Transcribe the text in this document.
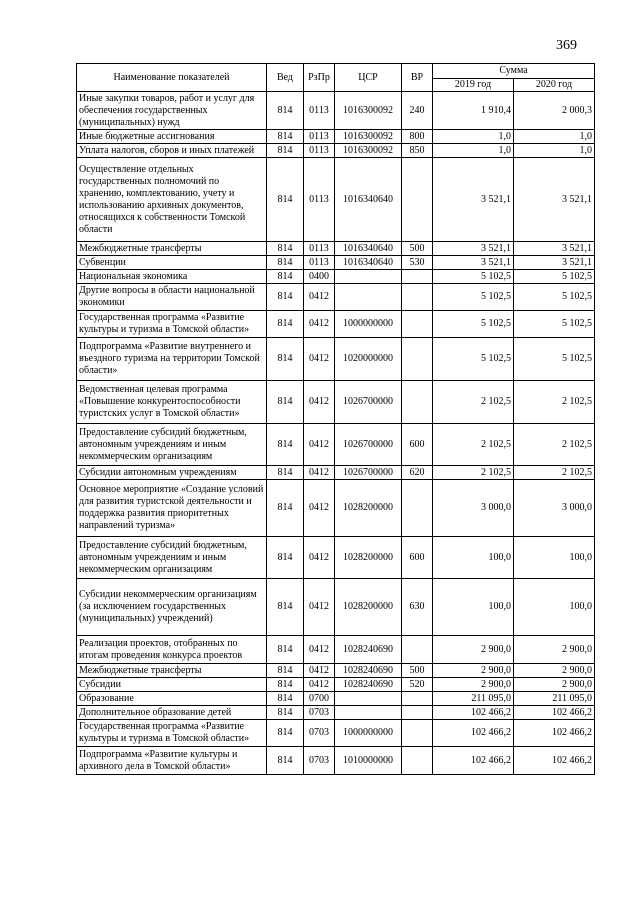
369
Наименование показателей	Вед	РзПр	ЦСР	ВР	Сумма	
					2019 год	2020 год
Иные закупки товаров, работ и услуг для обеспечения государственных (муниципальных) нужд	814	0113	1016300092	240	1 910,4	2 000,3
Иные бюджетные ассигнования	814	0113	1016300092	800	1,0	1,0
Уплата налогов, сборов и иных платежей	814	0113	1016300092	850	1,0	1,0
Осуществление отдельных государственных полномочий по хранению, комплектованию, учету и использованию архивных документов, относящихся к собственности Томской области	814	0113	1016340640		3 521,1	3 521,1
Межбюджетные трансферты	814	0113	1016340640	500	3 521,1	3 521,1
Субвенции	814	0113	1016340640	530	3 521,1	3 521,1
Национальная экономика	814	0400			5 102,5	5 102,5
Другие вопросы в области национальной экономики	814	0412			5 102,5	5 102,5
Государственная программа «Развитие культуры и туризма в Томской области»	814	0412	1000000000		5 102,5	5 102,5
Подпрограмма «Развитие внутреннего и въездного туризма на территории Томской области»	814	0412	1020000000		5 102,5	5 102,5
Ведомственная целевая программа «Повышение конкурентоспособности туристских услуг в Томской области»	814	0412	1026700000		2 102,5	2 102,5
Предоставление субсидий бюджетным, автономным учреждениям и иным некоммерческим организациям	814	0412	1026700000	600	2 102,5	2 102,5
Субсидии автономным учреждениям	814	0412	1026700000	620	2 102,5	2 102,5
Основное мероприятие «Создание условий для развития туристской деятельности и поддержка развития приоритетных направлений туризма»	814	0412	1028200000		3 000,0	3 000,0
Предоставление субсидий бюджетным, автономным учреждениям и иным некоммерческим организациям	814	0412	1028200000	600	100,0	100,0
Субсидии некоммерческим организациям (за исключением государственных (муниципальных) учреждений)	814	0412	1028200000	630	100,0	100,0
Реализация проектов, отобранных по итогам проведения конкурса проектов	814	0412	1028240690		2 900,0	2 900,0
Межбюджетные трансферты	814	0412	1028240690	500	2 900,0	2 900,0
Субсидии	814	0412	1028240690	520	2 900,0	2 900,0
Образование	814	0700			211 095,0	211 095,0
Дополнительное образование детей	814	0703			102 466,2	102 466,2
Государственная программа «Развитие культуры и туризма в Томской области»	814	0703	1000000000		102 466,2	102 466,2
Подпрограмма «Развитие культуры и архивного дела в Томской области»	814	0703	1010000000		102 466,2	102 466,2
